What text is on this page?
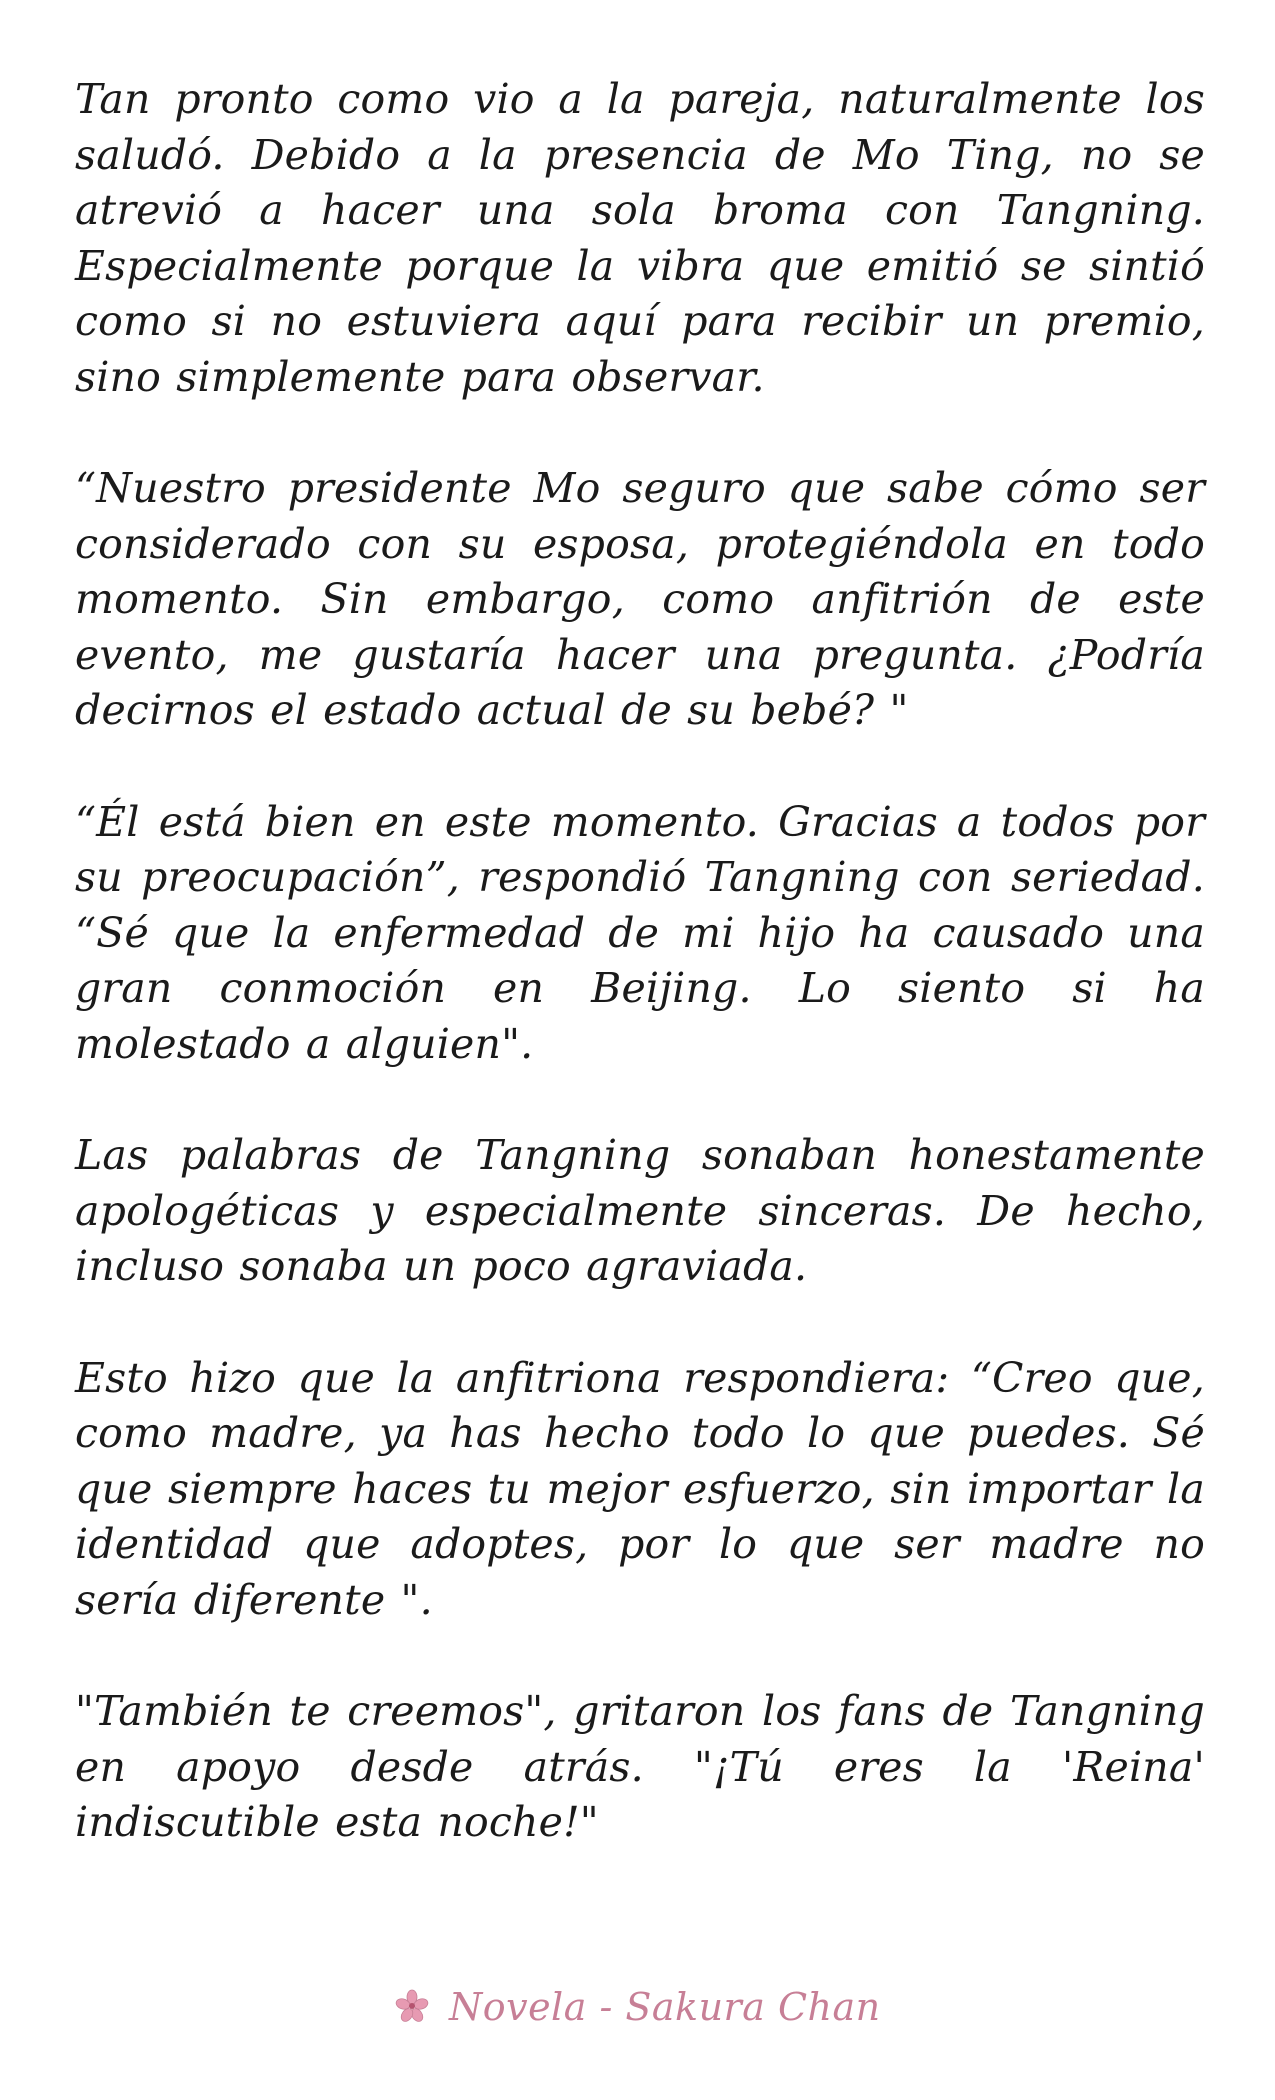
Tan pronto como vio a la pareja, naturalmente los saludó. Debido a la presencia de Mo Ting, no se atrevió a hacer una sola broma con Tangning. Especialmente porque la vibra que emitió se sintió como si no estuviera aquí para recibir un premio, sino simplemente para observar.

“Nuestro presidente Mo seguro que sabe cómo ser considerado con su esposa, protegiéndola en todo momento. Sin embargo, como anfitrión de este evento, me gustaría hacer una pregunta. ¿Podría decirnos el estado actual de su bebé? "

“Él está bien en este momento. Gracias a todos por su preocupación”, respondió Tangning con seriedad. “Sé que la enfermedad de mi hijo ha causado una gran conmoción en Beijing. Lo siento si ha molestado a alguien".

Las palabras de Tangning sonaban honestamente apologéticas y especialmente sinceras. De hecho, incluso sonaba un poco agraviada.

Esto hizo que la anfitriona respondiera: “Creo que, como madre, ya has hecho todo lo que puedes. Sé que siempre haces tu mejor esfuerzo, sin importar la identidad que adoptes, por lo que ser madre no sería diferente ".

"También te creemos", gritaron los fans de Tangning en apoyo desde atrás. "¡Tú eres la 'Reina' indiscutible esta noche!"

Novela - Sakura Chan
